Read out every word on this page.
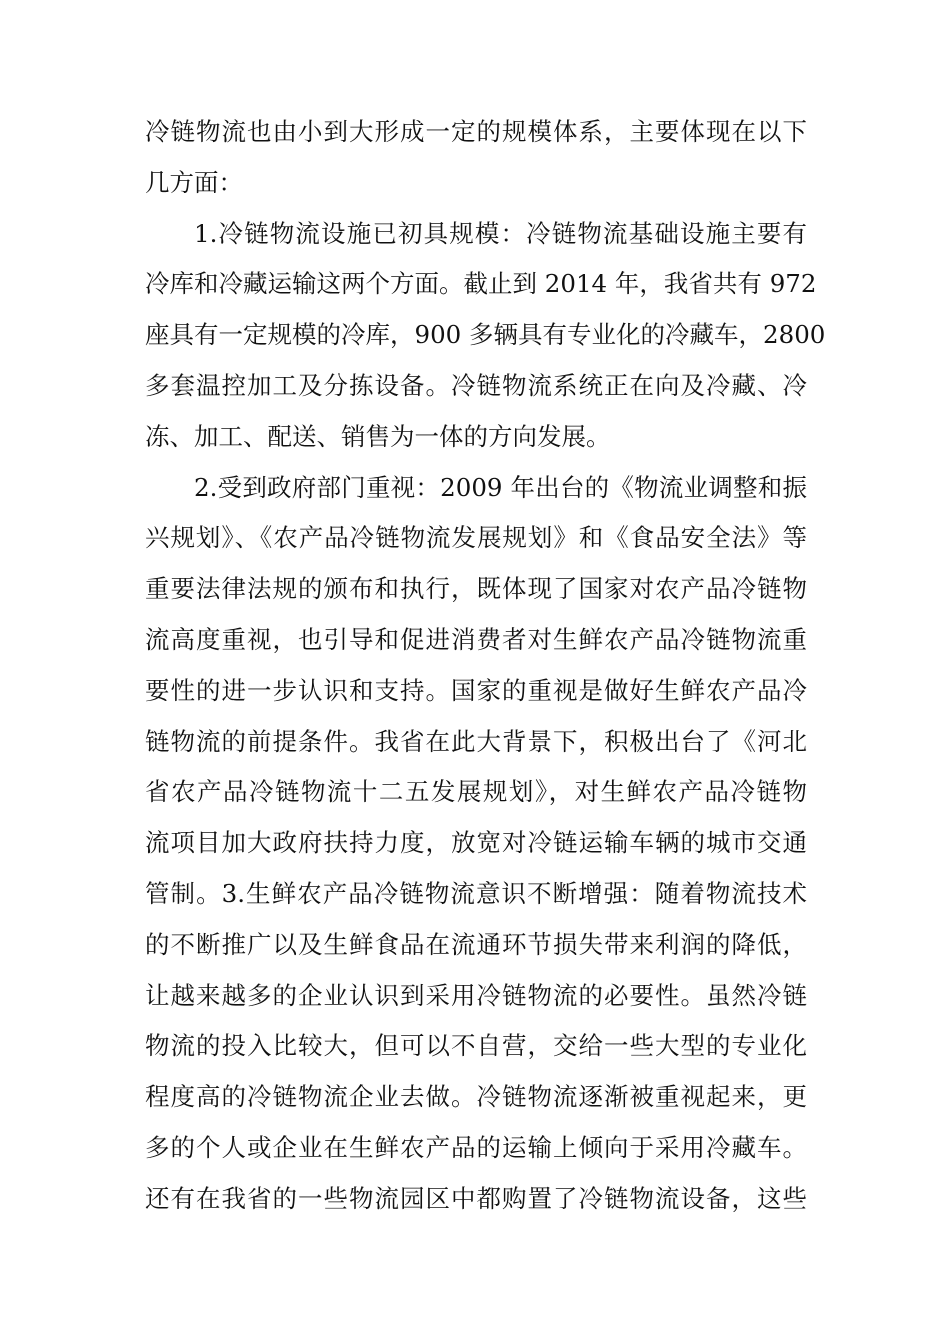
冷链物流也由小到大形成一定的规模体系，主要体现在以下
几方面：
1.冷链物流设施已初具规模：冷链物流基础设施主要有
冷库和冷藏运输这两个方面。截止到 2014 年，我省共有 972
座具有一定规模的冷库，900 多辆具有专业化的冷藏车，2800
多套温控加工及分拣设备。冷链物流系统正在向及冷藏、冷
冻、加工、配送、销售为一体的方向发展。
2.受到政府部门重视：2009 年出台的《物流业调整和振
兴规划》、《农产品冷链物流发展规划》和《食品安全法》等
重要法律法规的颁布和执行，既体现了国家对农产品冷链物
流高度重视，也引导和促进消费者对生鲜农产品冷链物流重
要性的进一步认识和支持。国家的重视是做好生鲜农产品冷
链物流的前提条件。我省在此大背景下，积极出台了《河北
省农产品冷链物流十二五发展规划》，对生鲜农产品冷链物
流项目加大政府扶持力度，放宽对冷链运输车辆的城市交通
管制。3.生鲜农产品冷链物流意识不断增强：随着物流技术
的不断推广以及生鲜食品在流通环节损失带来利润的降低，
让越来越多的企业认识到采用冷链物流的必要性。虽然冷链
物流的投入比较大，但可以不自营，交给一些大型的专业化
程度高的冷链物流企业去做。冷链物流逐渐被重视起来，更
多的个人或企业在生鲜农产品的运输上倾向于采用冷藏车。
还有在我省的一些物流园区中都购置了冷链物流设备，这些
